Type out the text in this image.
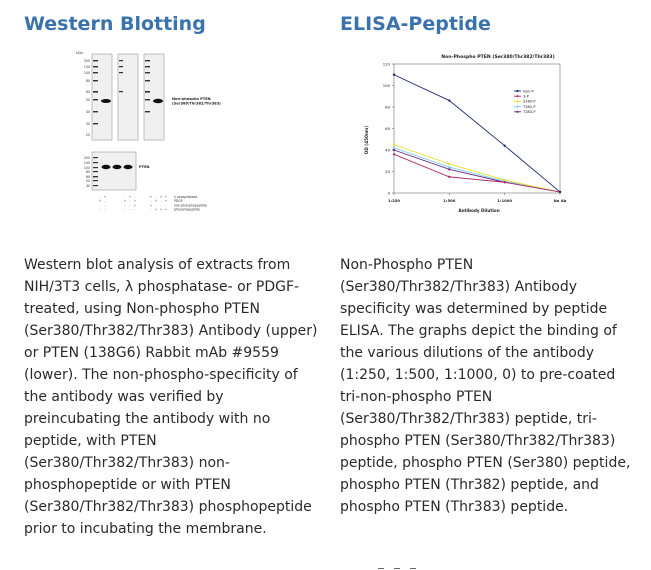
Western Blotting
kDa
200
140
100
80
60
50
40
30
20
200
140
100
80
60
50
40
Non-phospho PTEN
(Ser380/Thr382/Thr383)
PTEN
λ phosphatase
PDGF
non-phosphopeptide
phosphopeptide
- +	- + -	+ - + +
+ -	+ - +	- + - +
- -	- - +	+ - - -
- -	- - -	- + + +

Western blot analysis of extracts from NIH/3T3 cells, λ phosphatase- or PDGF-treated, using Non-phospho PTEN (Ser380/Thr382/Thr383) Antibody (upper) or PTEN (138G6) Rabbit mAb #9559 (lower). The non-phospho-specificity of the antibody was verified by preincubating the antibody with no peptide, with PTEN (Ser380/Thr382/Thr383) non-phosphopeptide or with PTEN (Ser380/Thr382/Thr383) phosphopeptide prior to incubating the membrane.

ELISA-Peptide
Non-Phospho PTEN (Ser380/Thr382/Thr383)
OD (450nm)
Antibody Dilution
0
20
40
60
80
100
120
1:250	1:500	1:1000	No Ab
Non-P
3-P
S380-P
T382-P
T383-P

Non-Phospho PTEN (Ser380/Thr382/Thr383) Antibody specificity was determined by peptide ELISA. The graphs depict the binding of the various dilutions of the antibody (1:250, 1:500, 1:1000, 0) to pre-coated tri-non-phospho PTEN (Ser380/Thr382/Thr383) peptide, tri-phospho PTEN (Ser380/Thr382/Thr383) peptide, phospho PTEN (Ser380) peptide, phospho PTEN (Thr382) peptide, and phospho PTEN (Thr383) peptide.
